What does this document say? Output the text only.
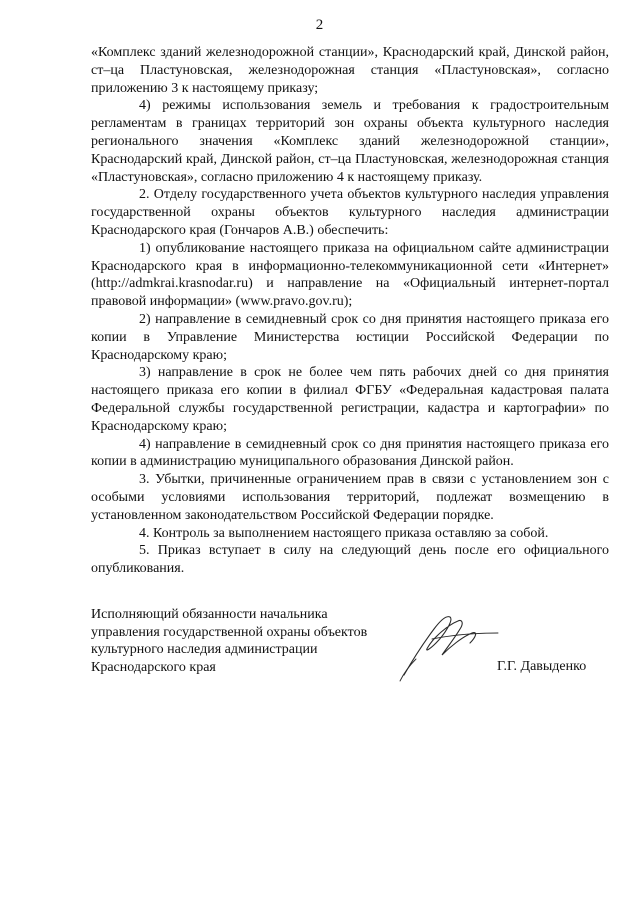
2

«Комплекс зданий железнодорожной станции», Краснодарский край, Динской район, ст–ца Пластуновская, железнодорожная станция «Пластуновская», согласно приложению 3 к настоящему приказу;

4) режимы использования земель и требования к градостроительным регламентам в границах территорий зон охраны объекта культурного наследия регионального значения «Комплекс зданий железнодорожной станции», Краснодарский край, Динской район, ст–ца Пластуновская, железнодорожная станция «Пластуновская», согласно приложению 4 к настоящему приказу.

2. Отделу государственного учета объектов культурного наследия управления государственной охраны объектов культурного наследия администрации Краснодарского края (Гончаров А.В.) обеспечить:

1) опубликование настоящего приказа на официальном сайте администрации Краснодарского края в информационно-телекоммуникационной сети «Интернет» (http://admkrai.krasnodar.ru) и направление на «Официальный интернет-портал правовой информации» (www.pravo.gov.ru);

2) направление в семидневный срок со дня принятия настоящего приказа его копии в Управление Министерства юстиции Российской Федерации по Краснодарскому краю;

3) направление в срок не более чем пять рабочих дней со дня принятия настоящего приказа его копии в филиал ФГБУ «Федеральная кадастровая палата Федеральной службы государственной регистрации, кадастра и картографии» по Краснодарскому краю;

4) направление в семидневный срок со дня принятия настоящего приказа его копии в администрацию муниципального образования Динской район.

3. Убытки, причиненные ограничением прав в связи с установлением зон с особыми условиями использования территорий, подлежат возмещению в установленном законодательством Российской Федерации порядке.

4. Контроль за выполнением настоящего приказа оставляю за собой.

5. Приказ вступает в силу на следующий день после его официального опубликования.

Исполняющий обязанности начальника
управления государственной охраны объектов
культурного наследия администрации
Краснодарского края	Г.Г. Давыденко
